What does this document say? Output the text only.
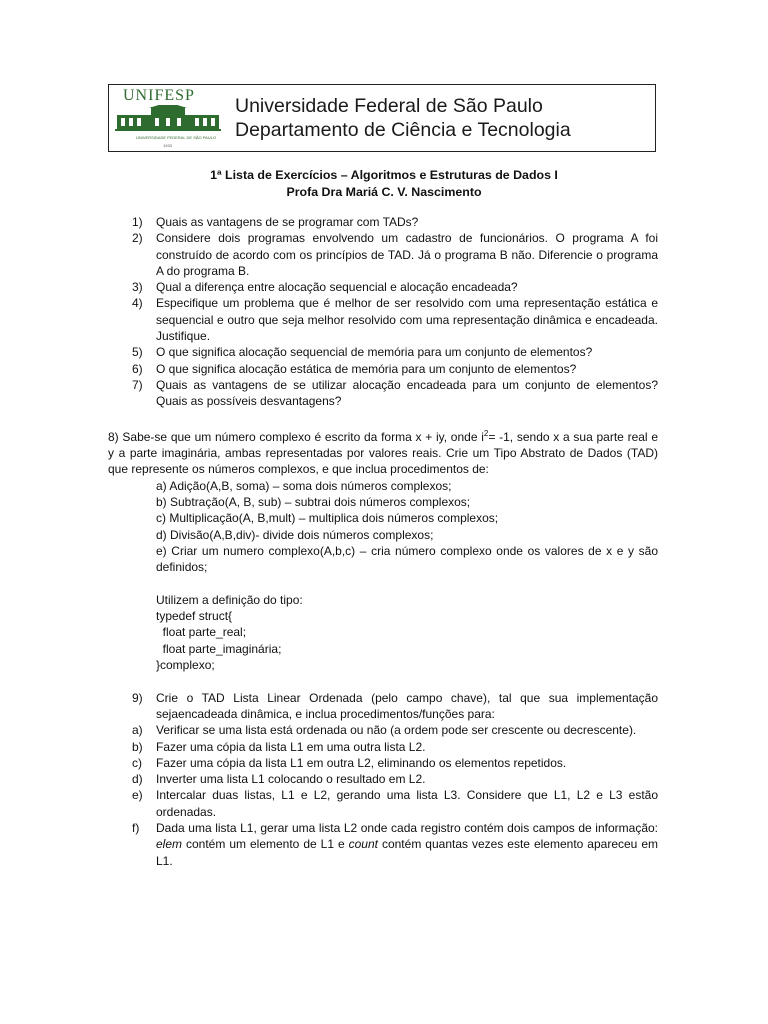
UNIFESP
UNIVERSIDADE FEDERAL DE SÃO PAULO
1933
Universidade Federal de São Paulo
Departamento de Ciência e Tecnologia
1ª Lista de Exercícios – Algoritmos e Estruturas de Dados I
Profa Dra Mariá C. V. Nascimento
1)	Quais as vantagens de se programar com TADs?
2)	Considere dois programas envolvendo um cadastro de funcionários. O programa A foi construído de acordo com os princípios de TAD. Já o programa B não. Diferencie o programa A do programa B.
3)	Qual a diferença entre alocação sequencial e alocação encadeada?
4)	Especifique um problema que é melhor de ser resolvido com uma representação estática e sequencial e outro que seja melhor resolvido com uma representação dinâmica e encadeada. Justifique.
5)	O que significa alocação sequencial de memória para um conjunto de elementos?
6)	O que significa alocação estática de memória para um conjunto de elementos?
7)	Quais as vantagens de se utilizar alocação encadeada para um conjunto de elementos? Quais as possíveis desvantagens?
8) Sabe-se que um número complexo é escrito da forma x + iy, onde $i^2= -1$, sendo x a sua parte real e y a parte imaginária, ambas representadas por valores reais. Crie um Tipo Abstrato de Dados (TAD) que represente os números complexos, e que inclua procedimentos de:
a) Adição(A,B, soma) – soma dois números complexos;
b) Subtração(A, B, sub) – subtrai dois números complexos;
c) Multiplicação(A, B,mult) – multiplica dois números complexos;
d) Divisão(A,B,div)- divide dois números complexos;
e) Criar um numero complexo(A,b,c) – cria número complexo onde os valores de x e y são definidos;
Utilizem a definição do tipo:
typedef struct{
float parte_real;
float parte_imaginária;
}complexo;
9)	Crie o TAD Lista Linear Ordenada (pelo campo chave), tal que sua implementação sejaencadeada dinâmica, e inclua procedimentos/funções para:
a)	Verificar se uma lista está ordenada ou não (a ordem pode ser crescente ou decrescente).
b)	Fazer uma cópia da lista L1 em uma outra lista L2.
c)	Fazer uma cópia da lista L1 em outra L2, eliminando os elementos repetidos.
d)	Inverter uma lista L1 colocando o resultado em L2.
e)	Intercalar duas listas, L1 e L2, gerando uma lista L3. Considere que L1, L2 e L3 estão ordenadas.
f)	Dada uma lista L1, gerar uma lista L2 onde cada registro contém dois campos de informação: elem contém um elemento de L1 e count contém quantas vezes este elemento apareceu em L1.
